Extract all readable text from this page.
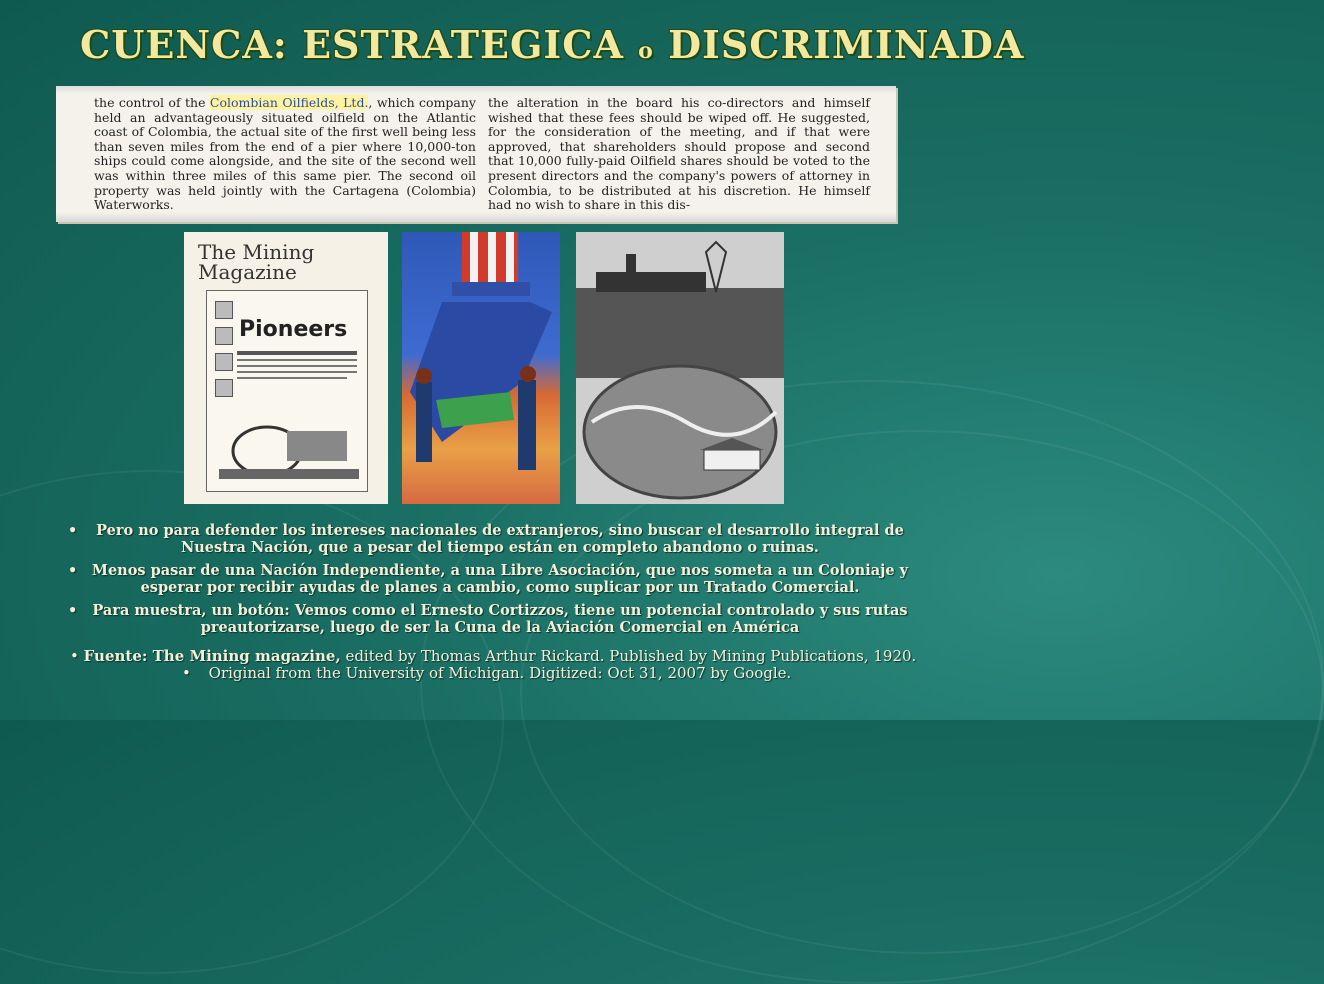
CUENCA: ESTRATEGICA o DISCRIMINADA
the control of the Colombian Oilfields, Ltd., which company held an advantageously situated oilfield on the Atlantic coast of Colombia, the actual site of the first well being less than seven miles from the end of a pier where 10,000-ton ships could come alongside, and the site of the second well was within three miles of this same pier. The second oil property was held jointly with the Cartagena (Colombia) Waterworks.
the alteration in the board his co-directors and himself wished that these fees should be wiped off. He suggested, for the consideration of the meeting, and if that were approved, that shareholders should propose and second that 10,000 fully-paid Oilfield shares should be voted to the present directors and the company's powers of attorney in Colombia, to be distributed at his discretion. He himself had no wish to share in this dis-
The Mining Magazine
Pioneers
• Pero no para defender los intereses nacionales de extranjeros, sino buscar el desarrollo integral de Nuestra Nación, que a pesar del tiempo están en completo abandono o ruinas.
• Menos pasar de una Nación Independiente, a una Libre Asociación, que nos someta a un Coloniaje y esperar por recibir ayudas de planes a cambio, como suplicar por un Tratado Comercial.
• Para muestra, un botón: Vemos como el Ernesto Cortizzos, tiene un potencial controlado y sus rutas preautorizarse, luego de ser la Cuna de la Aviación Comercial en América
• Fuente: The Mining magazine, edited by Thomas Arthur Rickard. Published by Mining Publications, 1920.
• Original from the University of Michigan. Digitized: Oct 31, 2007 by Google.
